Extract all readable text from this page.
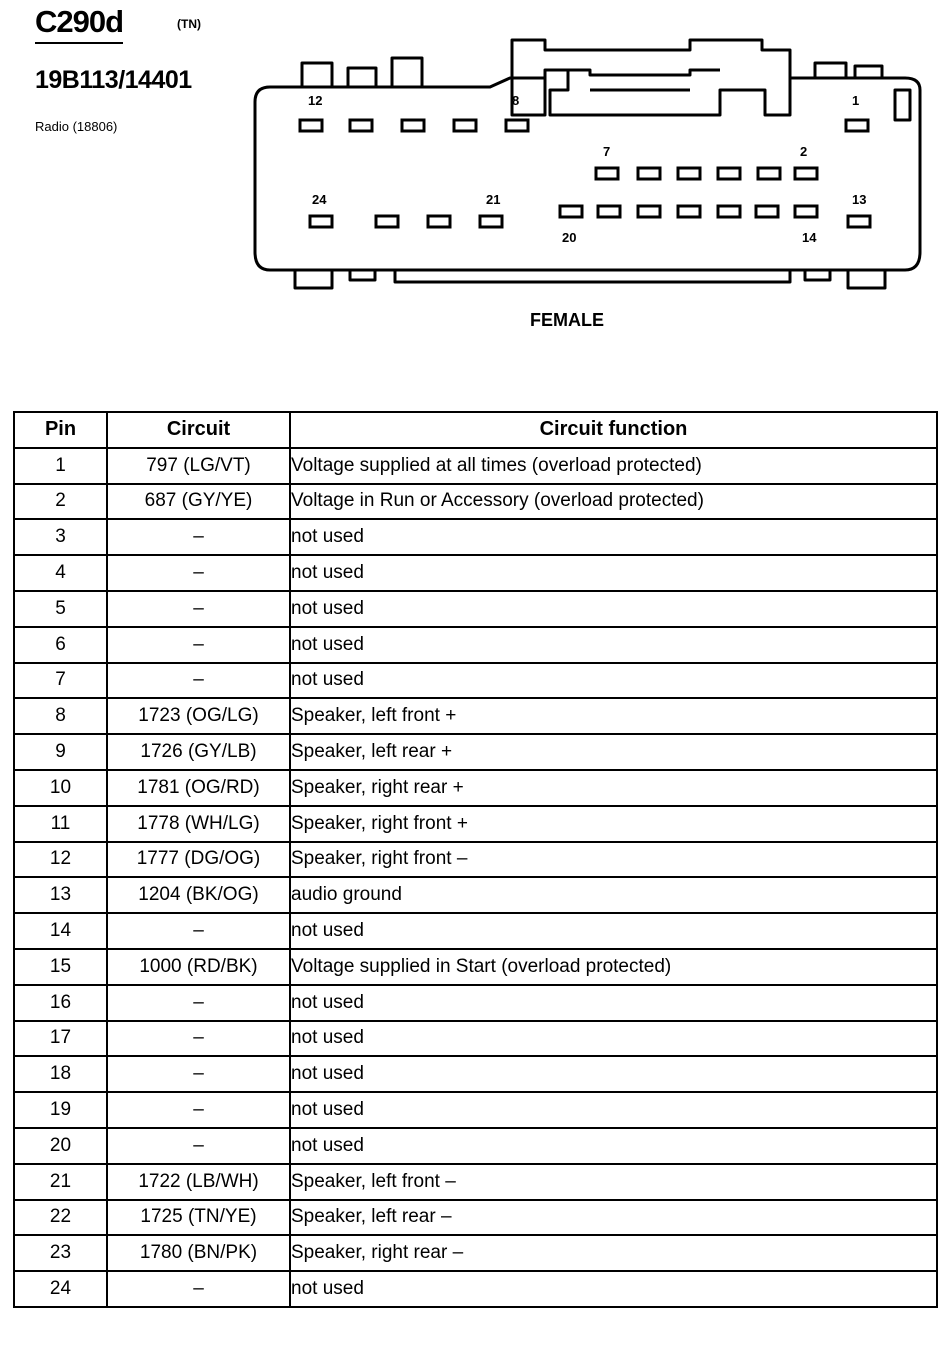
C290d	(TN)
19B113/14401
Radio (18806)
12	8	1
7	2
24	21	13
20	14
FEMALE
Pin	Circuit	Circuit function
1	797 (LG/VT)	Voltage supplied at all times (overload protected)
2	687 (GY/YE)	Voltage in Run or Accessory (overload protected)
3	–	not used
4	–	not used
5	–	not used
6	–	not used
7	–	not used
8	1723 (OG/LG)	Speaker, left front +
9	1726 (GY/LB)	Speaker, left rear +
10	1781 (OG/RD)	Speaker, right rear +
11	1778 (WH/LG)	Speaker, right front +
12	1777 (DG/OG)	Speaker, right front –
13	1204 (BK/OG)	audio ground
14	–	not used
15	1000 (RD/BK)	Voltage supplied in Start (overload protected)
16	–	not used
17	–	not used
18	–	not used
19	–	not used
20	–	not used
21	1722 (LB/WH)	Speaker, left front –
22	1725 (TN/YE)	Speaker, left rear –
23	1780 (BN/PK)	Speaker, right rear –
24	–	not used
